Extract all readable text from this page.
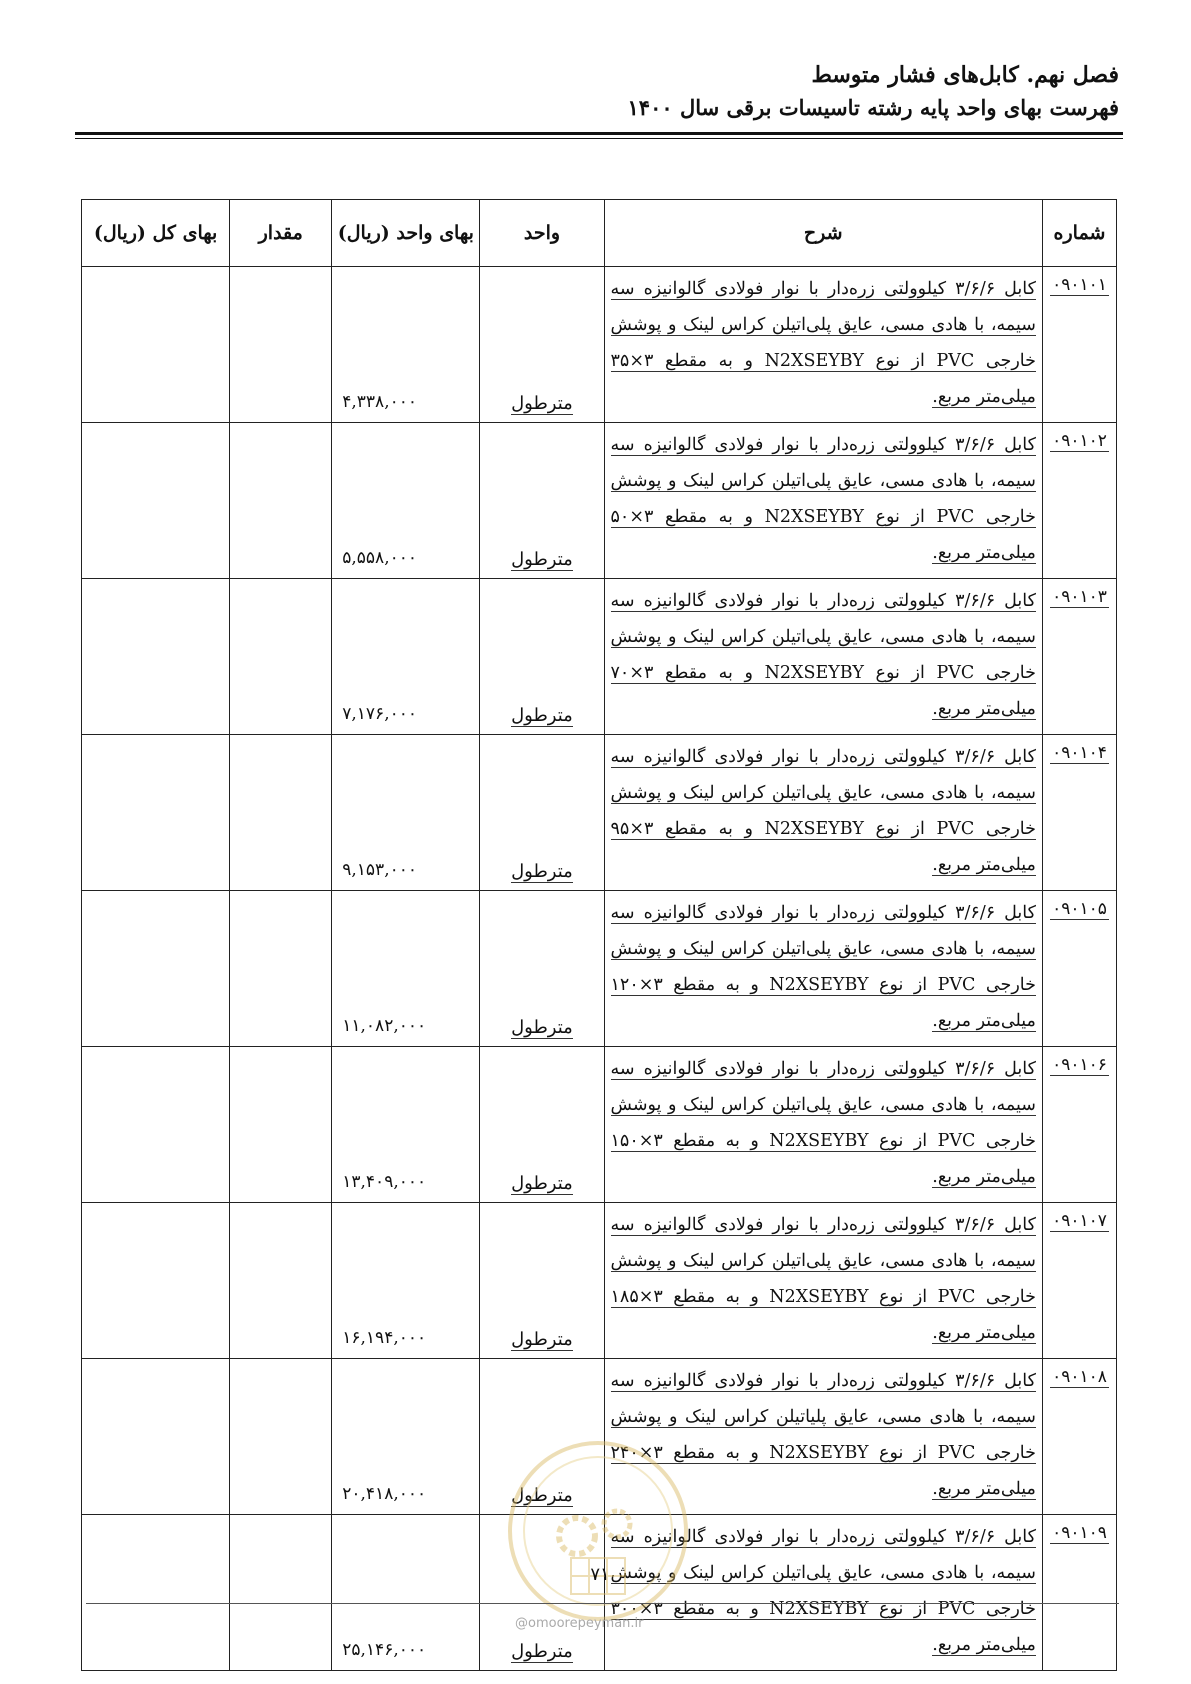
فصل نهم. کابل‌های فشار متوسط
فهرست بهای واحد پایه رشته تاسیسات برقی سال ۱۴۰۰
شماره	شرح	واحد	بهای واحد (ریال)	مقدار	بهای کل (ریال)
۰۹۰۱۰۱	کابل ۳/۶/۶ کیلوولتی زره‌دار با نوار فولادی گالوانیزه سه سیمه، با هادی مسی، عایق پلی‌اتیلن کراس لینک و پوشش خارجی PVC از نوع N2XSEYBY و به مقطع ۳×۳۵ میلی‌متر مربع.	مترطول	۴,۳۳۸,۰۰۰		
۰۹۰۱۰۲	کابل ۳/۶/۶ کیلوولتی زره‌دار با نوار فولادی گالوانیزه سه سیمه، با هادی مسی، عایق پلی‌اتیلن کراس لینک و پوشش خارجی PVC از نوع N2XSEYBY و به مقطع ۳×۵۰ میلی‌متر مربع.	مترطول	۵,۵۵۸,۰۰۰		
۰۹۰۱۰۳	کابل ۳/۶/۶ کیلوولتی زره‌دار با نوار فولادی گالوانیزه سه سیمه، با هادی مسی، عایق پلی‌اتیلن کراس لینک و پوشش خارجی PVC از نوع N2XSEYBY و به مقطع ۳×۷۰ میلی‌متر مربع.	مترطول	۷,۱۷۶,۰۰۰		
۰۹۰۱۰۴	کابل ۳/۶/۶ کیلوولتی زره‌دار با نوار فولادی گالوانیزه سه سیمه، با هادی مسی، عایق پلی‌اتیلن کراس لینک و پوشش خارجی PVC از نوع N2XSEYBY و به مقطع ۳×۹۵ میلی‌متر مربع.	مترطول	۹,۱۵۳,۰۰۰		
۰۹۰۱۰۵	کابل ۳/۶/۶ کیلوولتی زره‌دار با نوار فولادی گالوانیزه سه سیمه، با هادی مسی، عایق پلی‌اتیلن کراس لینک و پوشش خارجی PVC از نوع N2XSEYBY و به مقطع ۳×۱۲۰ میلی‌متر مربع.	مترطول	۱۱,۰۸۲,۰۰۰		
۰۹۰۱۰۶	کابل ۳/۶/۶ کیلوولتی زره‌دار با نوار فولادی گالوانیزه سه سیمه، با هادی مسی، عایق پلی‌اتیلن کراس لینک و پوشش خارجی PVC از نوع N2XSEYBY و به مقطع ۳×۱۵۰ میلی‌متر مربع.	مترطول	۱۳,۴۰۹,۰۰۰		
۰۹۰۱۰۷	کابل ۳/۶/۶ کیلوولتی زره‌دار با نوار فولادی گالوانیزه سه سیمه، با هادی مسی، عایق پلی‌اتیلن کراس لینک و پوشش خارجی PVC از نوع N2XSEYBY و به مقطع ۳×۱۸۵ میلی‌متر مربع.	مترطول	۱۶,۱۹۴,۰۰۰		
۰۹۰۱۰۸	کابل ۳/۶/۶ کیلوولتی زره‌دار با نوار فولادی گالوانیزه سه سیمه، با هادی مسی، عایق پلیاتیلن کراس لینک و پوشش خارجی PVC از نوع N2XSEYBY و به مقطع ۳×۲۴۰ میلی‌متر مربع.	مترطول	۲۰,۴۱۸,۰۰۰		
۰۹۰۱۰۹	کابل ۳/۶/۶ کیلوولتی زره‌دار با نوار فولادی گالوانیزه سه سیمه، با هادی مسی، عایق پلی‌اتیلن کراس لینک و پوشش خارجی PVC از نوع N2XSEYBY و به مقطع ۳×۳۰۰ میلی‌متر مربع.	مترطول	۲۵,۱۴۶,۰۰۰		
۷۱
@omoorepeyman.ir
